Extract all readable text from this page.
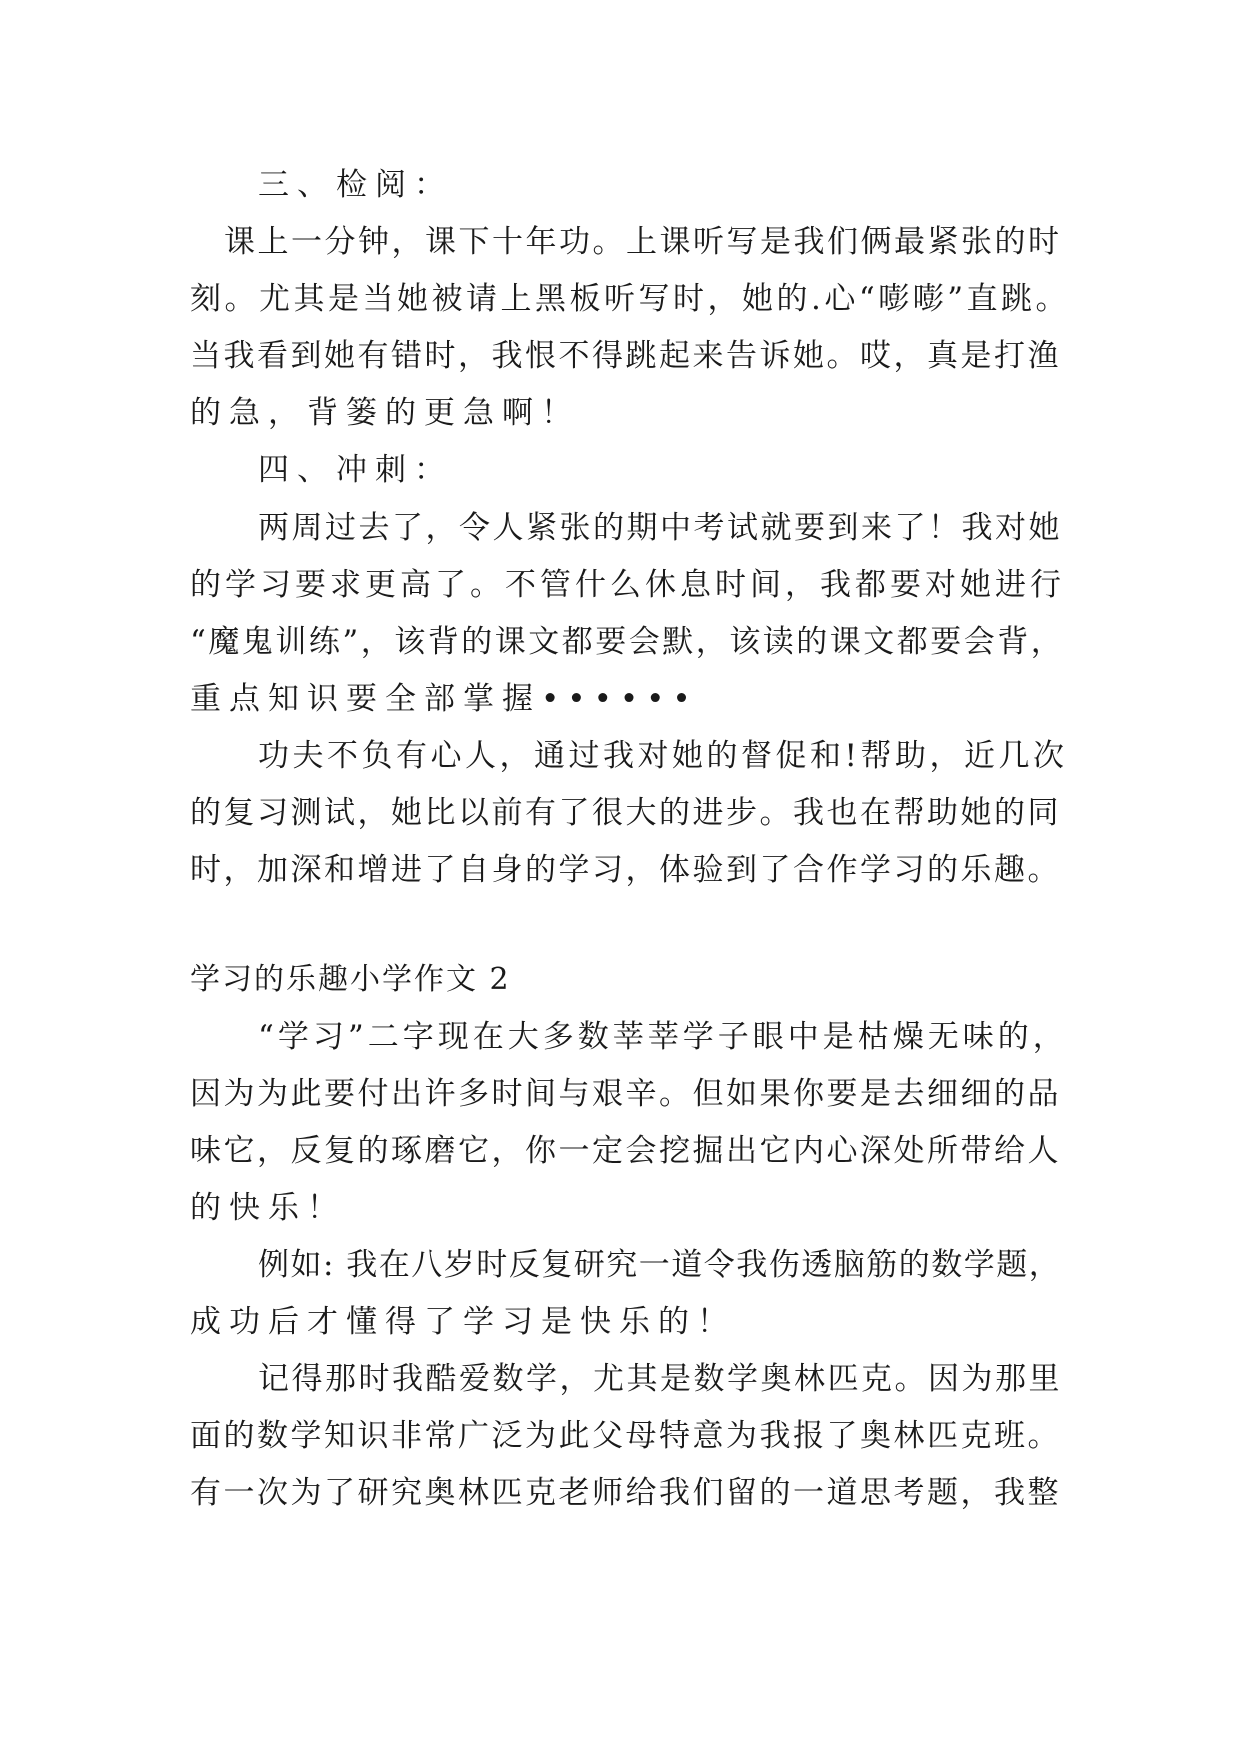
三、检阅：
课上一分钟，课下十年功。上课听写是我们俩最紧张的时
刻。尤其是当她被请上黑板听写时，她的.心“嘭嘭”直跳。
当我看到她有错时，我恨不得跳起来告诉她。哎，真是打渔
的急，背篓的更急啊！
四、冲刺：
两周过去了，令人紧张的期中考试就要到来了！我对她
的学习要求更高了。不管什么休息时间，我都要对她进行
“魔鬼训练”，该背的课文都要会默，该读的课文都要会背，
重点知识要全部掌握••••••
功夫不负有心人，通过我对她的督促和!帮助，近几次
的复习测试，她比以前有了很大的进步。我也在帮助她的同
时，加深和增进了自身的学习，体验到了合作学习的乐趣。
学习的乐趣小学作文 2
“学习”二字现在大多数莘莘学子眼中是枯燥无味的，
因为为此要付出许多时间与艰辛。但如果你要是去细细的品
味它，反复的琢磨它，你一定会挖掘出它内心深处所带给人
的快乐！
例如: 我在八岁时反复研究一道令我伤透脑筋的数学题，
成功后才懂得了学习是快乐的！
记得那时我酷爱数学，尤其是数学奥林匹克。因为那里
面的数学知识非常广泛为此父母特意为我报了奥林匹克班。
有一次为了研究奥林匹克老师给我们留的一道思考题，我整
